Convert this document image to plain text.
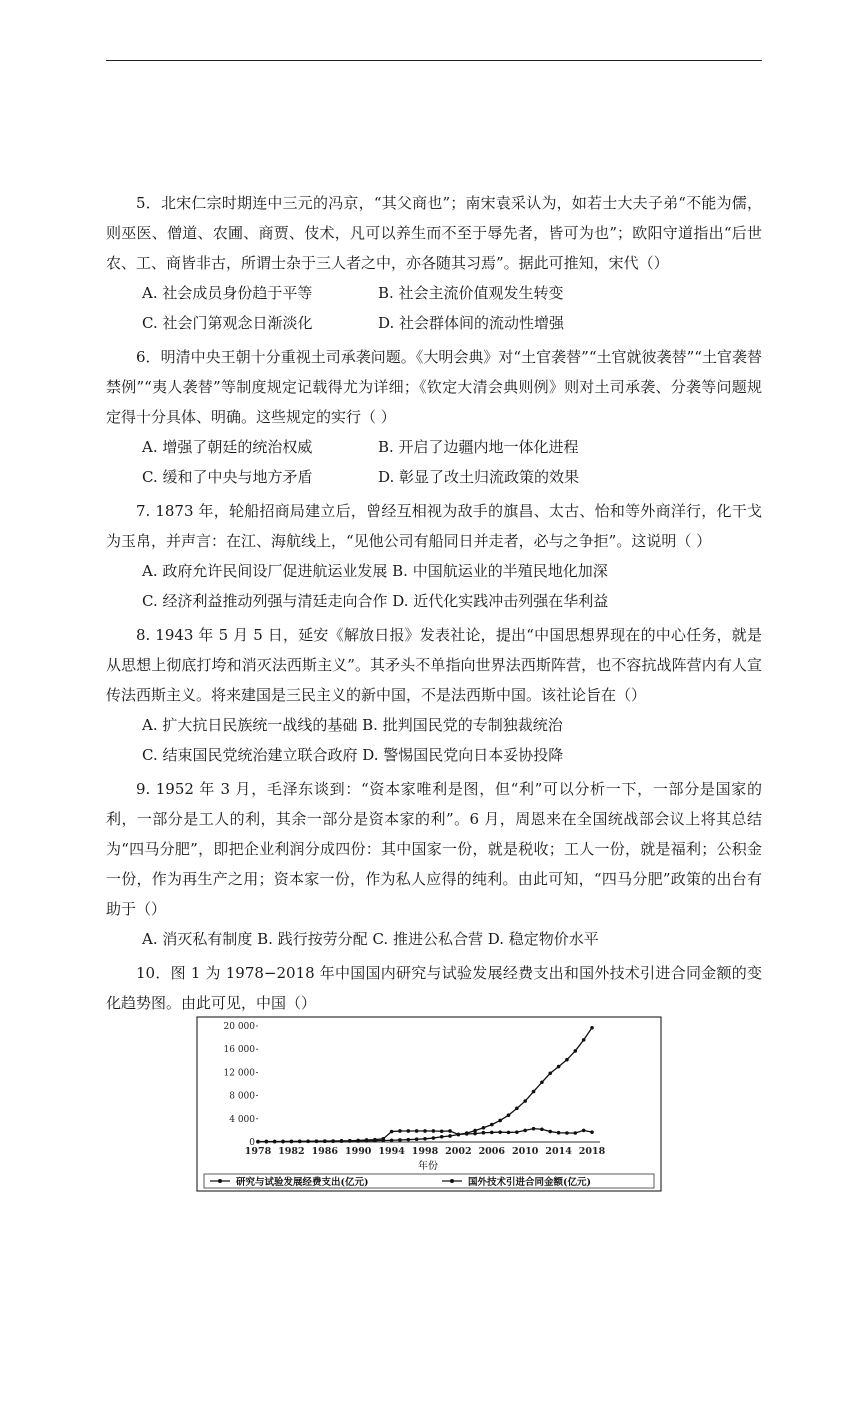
5．北宋仁宗时期连中三元的冯京，“其父商也”；南宋袁采认为，如若士大夫子弟“不能为儒，则巫医、僧道、农圃、商贾、伎术，凡可以养生而不至于辱先者，皆可为也”；欧阳守道指出“后世农、工、商皆非古，所谓士杂于三人者之中，亦各随其习焉”。据此可推知，宋代（）

A. 社会成员身份趋于平等	B. 社会主流价值观发生转变
C. 社会门第观念日渐淡化	D. 社会群体间的流动性增强

6．明清中央王朝十分重视土司承袭问题。《大明会典》对“土官袭替”“土官就彼袭替”“土官袭替禁例”“夷人袭替”等制度规定记载得尤为详细；《钦定大清会典则例》则对土司承袭、分袭等问题规定得十分具体、明确。这些规定的实行（ ）

A. 增强了朝廷的统治权威	B. 开启了边疆内地一体化进程
C. 缓和了中央与地方矛盾	D. 彰显了改土归流政策的效果

7. 1873 年，轮船招商局建立后，曾经互相视为敌手的旗昌、太古、怡和等外商洋行，化干戈为玉帛，并声言：在江、海航线上，“见他公司有船同日并走者，必与之争拒”。这说明（ ）

A. 政府允许民间设厂促进航运业发展 B. 中国航运业的半殖民地化加深

C. 经济利益推动列强与清廷走向合作 D. 近代化实践冲击列强在华利益

8. 1943 年 5 月 5 日，延安《解放日报》发表社论，提出“中国思想界现在的中心任务，就是从思想上彻底打垮和消灭法西斯主义”。其矛头不单指向世界法西斯阵营，也不容抗战阵营内有人宣传法西斯主义。将来建国是三民主义的新中国，不是法西斯中国。该社论旨在（）

A. 扩大抗日民族统一战线的基础 B. 批判国民党的专制独裁统治

C. 结束国民党统治建立联合政府 D. 警惕国民党向日本妥协投降

9. 1952 年 3 月，毛泽东谈到：“资本家唯利是图，但“利”可以分析一下，一部分是国家的利，一部分是工人的利，其余一部分是资本家的利”。6 月，周恩来在全国统战部会议上将其总结为“四马分肥”，即把企业利润分成四份：其中国家一份，就是税收；工人一份，就是福利；公积金一份，作为再生产之用；资本家一份，作为私人应得的纯利。由此可知，“四马分肥”政策的出台有助于（）

A. 消灭私有制度 B. 践行按劳分配 C. 推进公私合营 D. 稳定物价水平

10．图 1 为 1978−2018 年中国国内研究与试验发展经费支出和国外技术引进合同金额的变化趋势图。由此可见，中国（）

0
4 000
8 000
12 000
16 000
20 000
1978 1982 1986 1990 1994 1998 2002 2006 2010 2014 2018
年份
研究与试验发展经费支出(亿元)	国外技术引进合同金额(亿元)
